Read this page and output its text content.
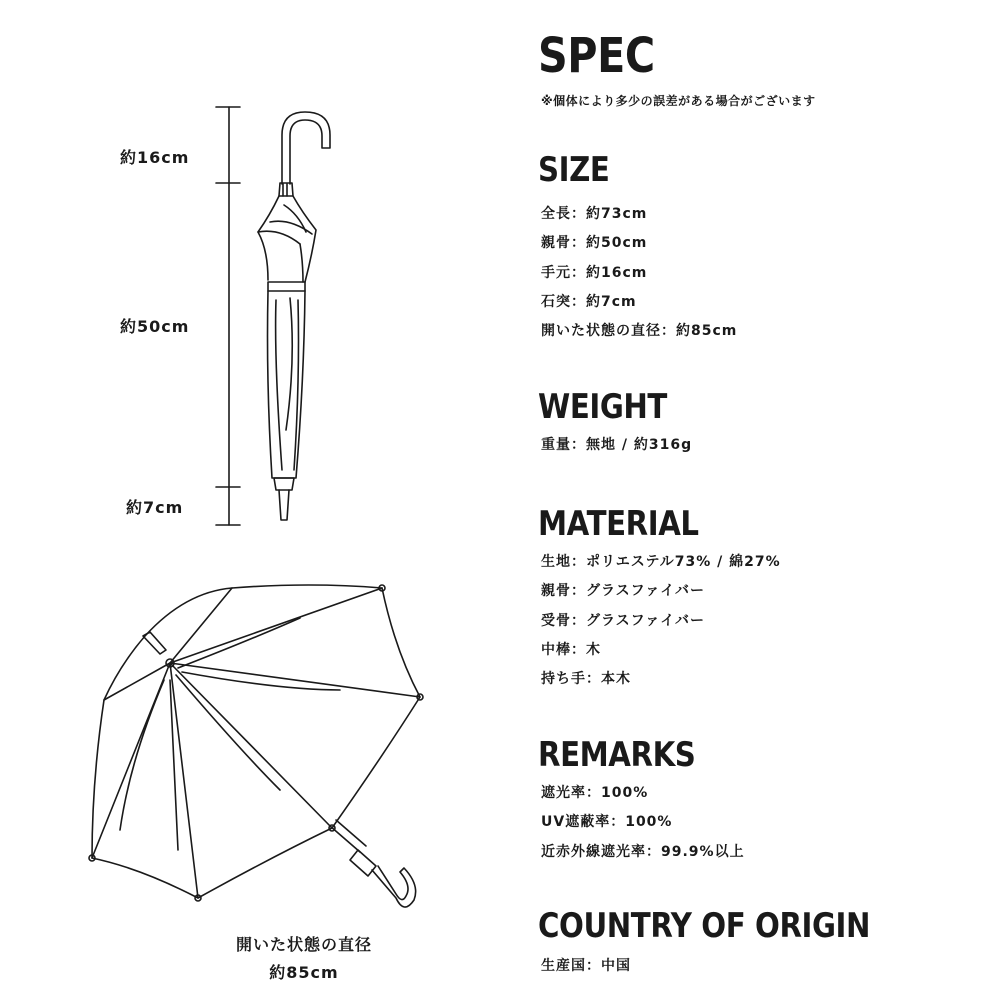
約16cm
約50cm
約7cm
開いた状態の直径
約85cm
SPEC
※個体により多少の誤差がある場合がございます
SIZE
全長：約73cm
親骨：約50cm
手元：約16cm
石突：約7cm
開いた状態の直径：約85cm
WEIGHT
重量：無地 / 約316g
MATERIAL
生地：ポリエステル73% / 綿27%
親骨：グラスファイバー
受骨：グラスファイバー
中棒：木
持ち手：本木
REMARKS
遮光率：100%
UV遮蔽率：100%
近赤外線遮光率：99.9%以上
COUNTRY OF ORIGIN
生産国：中国
